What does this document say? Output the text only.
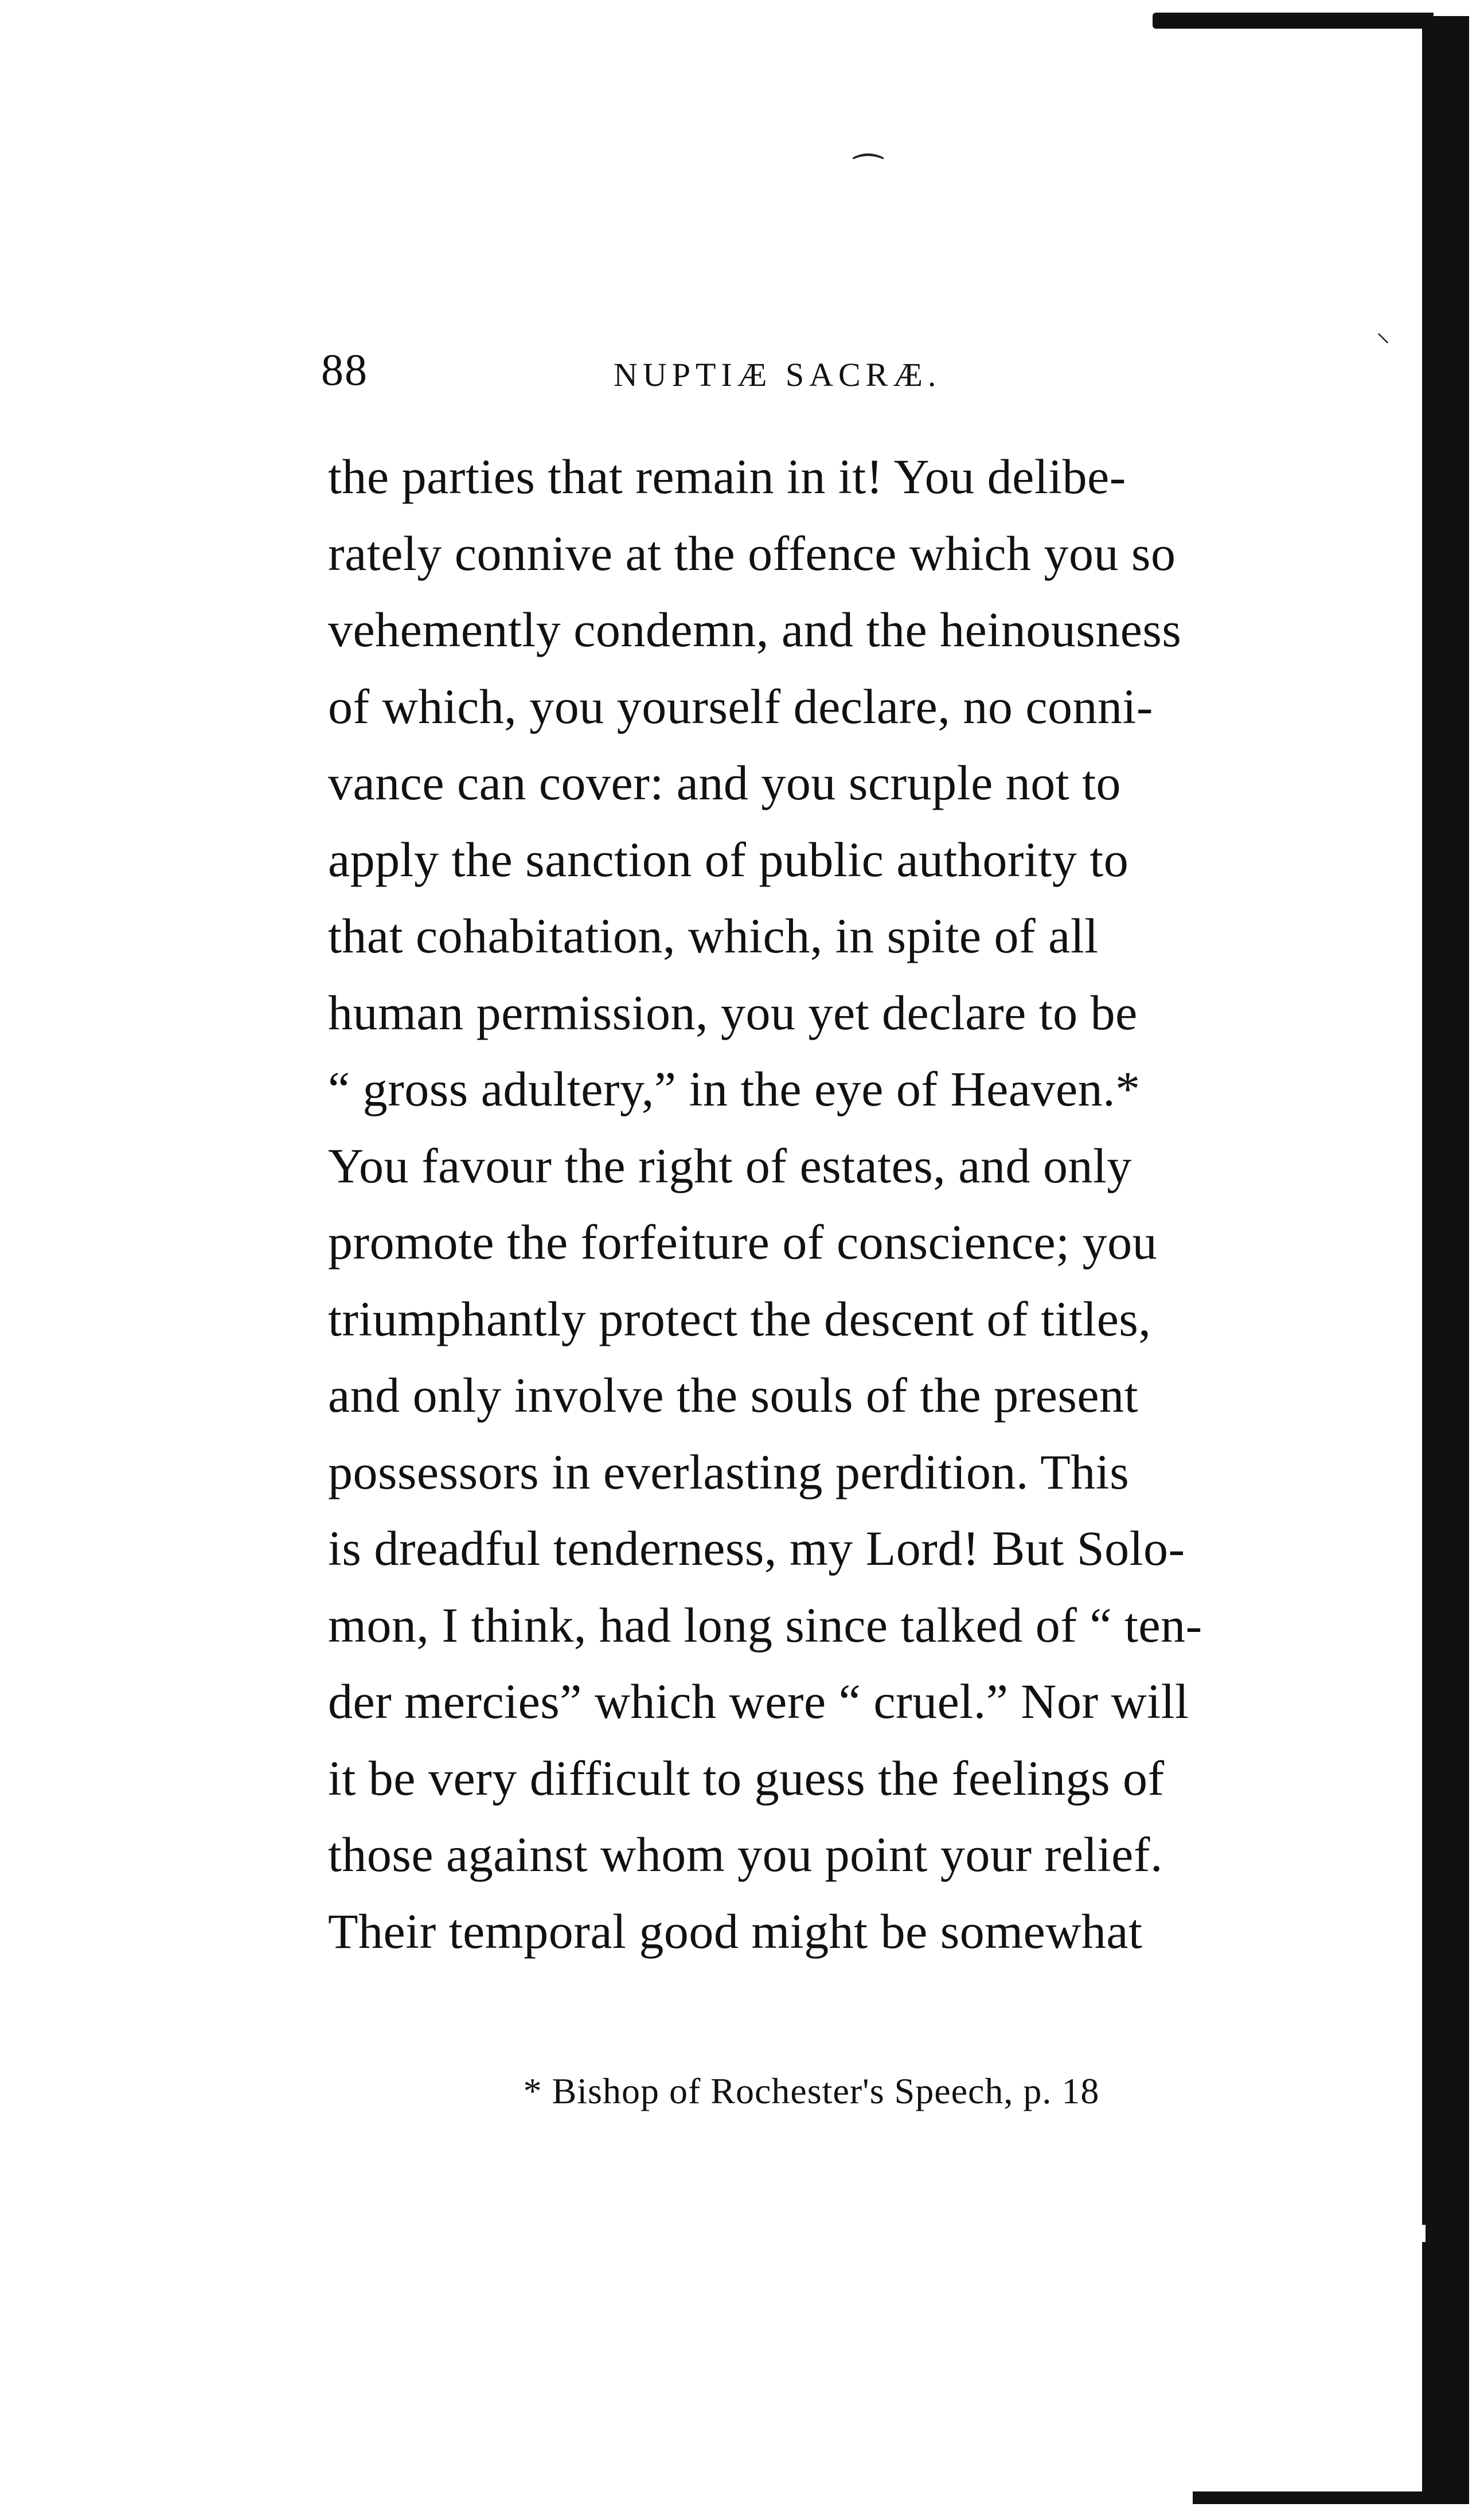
⁀
⸜
88	NUPTIÆ SACRÆ.
the parties that remain in it! You delibe-
rately connive at the offence which you so
vehemently condemn, and the heinousness
of which, you yourself declare, no conni-
vance can cover: and you scruple not to
apply the sanction of public authority to
that cohabitation, which, in spite of all
human permission, you yet declare to be
“ gross adultery,” in the eye of Heaven.*
You favour the right of estates, and only
promote the forfeiture of conscience; you
triumphantly protect the descent of titles,
and only involve the souls of the present
possessors in everlasting perdition. This
is dreadful tenderness, my Lord! But Solo-
mon, I think, had long since talked of “ ten-
der mercies” which were “ cruel.” Nor will
it be very difficult to guess the feelings of
those against whom you point your relief.
Their temporal good might be somewhat
* Bishop of Rochester's Speech, p. 18
